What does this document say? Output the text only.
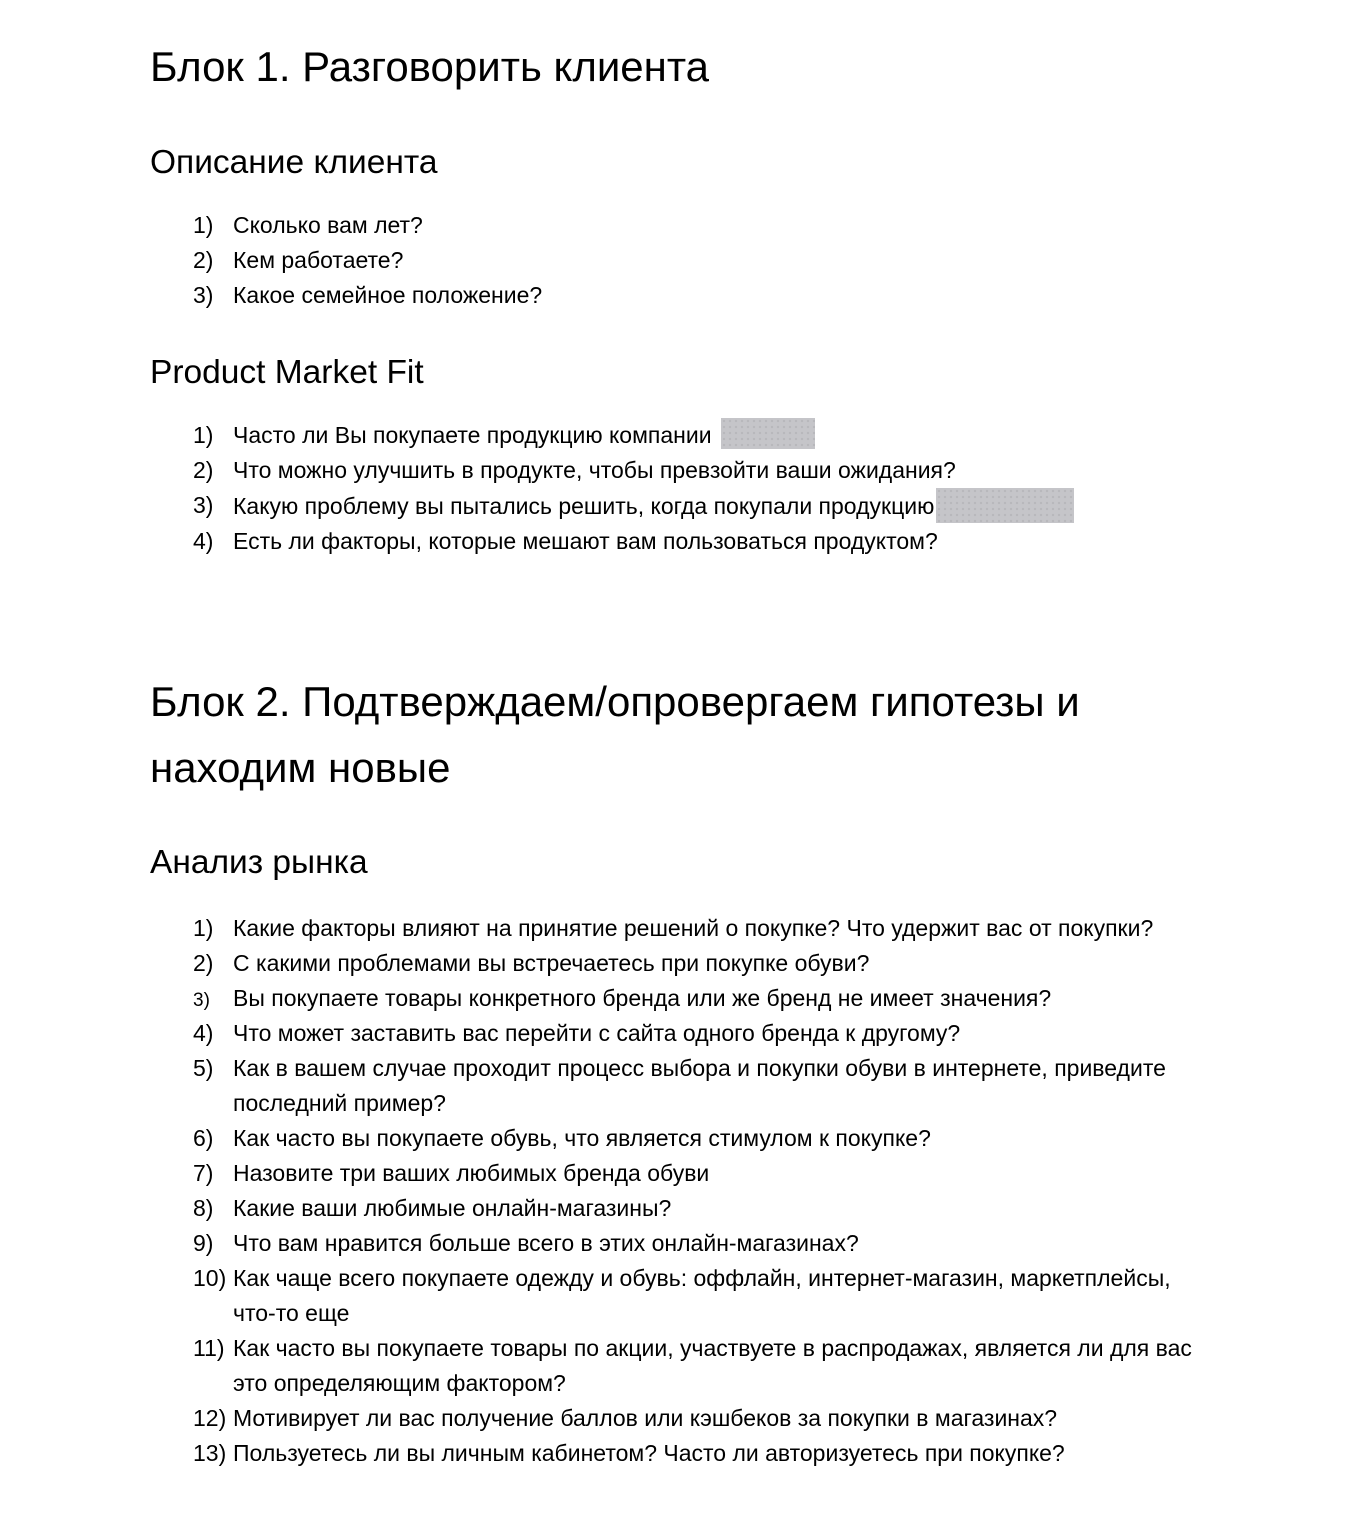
Блок 1. Разговорить клиента
Описание клиента
1) Сколько вам лет?
2) Кем работаете?
3) Какое семейное положение?
Product Market Fit
1) Часто ли Вы покупаете продукцию компании
2) Что можно улучшить в продукте, чтобы превзойти ваши ожидания?
3) Какую проблему вы пытались решить, когда покупали продукцию
4) Есть ли факторы, которые мешают вам пользоваться продуктом?
Блок 2. Подтверждаем/опровергаем гипотезы и находим новые
Анализ рынка
1) Какие факторы влияют на принятие решений о покупке? Что удержит вас от покупки?
2) С какими проблемами вы встречаетесь при покупке обуви?
3) Вы покупаете товары конкретного бренда или же бренд не имеет значения?
4) Что может заставить вас перейти с сайта одного бренда к другому?
5) Как в вашем случае проходит процесс выбора и покупки обуви в интернете, приведите последний пример?
6) Как часто вы покупаете обувь, что является стимулом к покупке?
7) Назовите три ваших любимых бренда обуви
8) Какие ваши любимые онлайн-магазины?
9) Что вам нравится больше всего в этих онлайн-магазинах?
10) Как чаще всего покупаете одежду и обувь: оффлайн, интернет-магазин, маркетплейсы, что-то еще
11) Как часто вы покупаете товары по акции, участвуете в распродажах, является ли для вас это определяющим фактором?
12) Мотивирует ли вас получение баллов или кэшбеков за покупки в магазинах?
13) Пользуетесь ли вы личным кабинетом? Часто ли авторизуетесь при покупке?
